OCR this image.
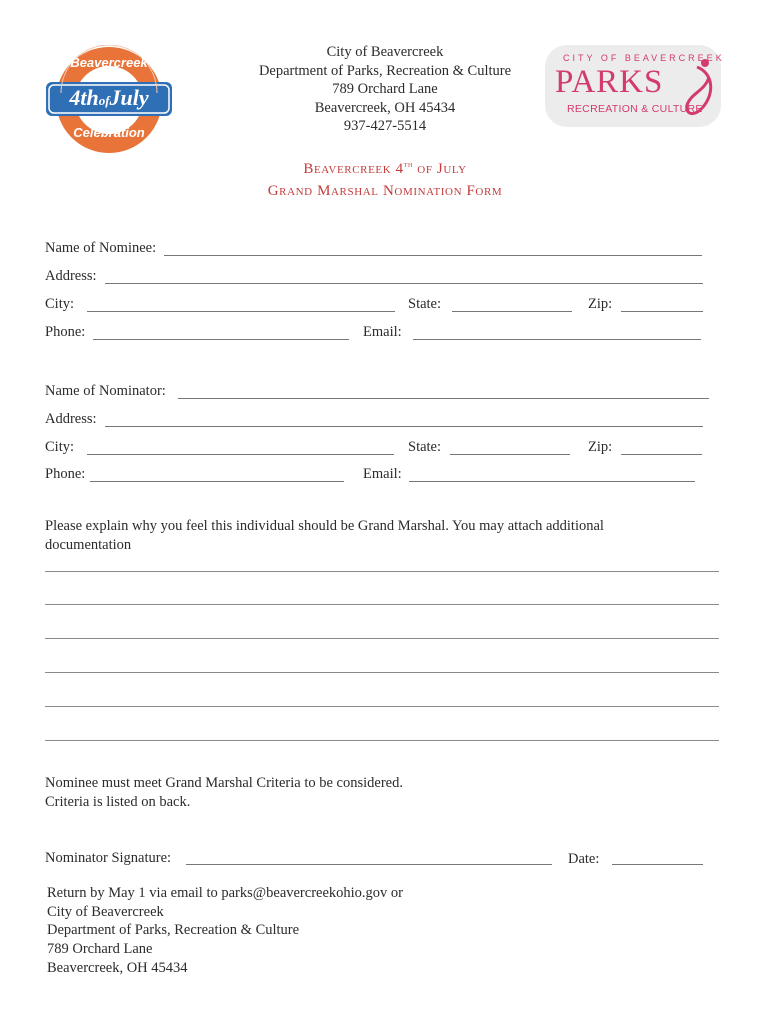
Beavercreek
4thofJuly
Celebration
City of Beavercreek
Department of Parks, Recreation & Culture
789 Orchard Lane
Beavercreek, OH 45434
937-427-5514
CITY OF BEAVERCREEK
PARKS
RECREATION & CULTURE
Beavercreek 4th of July
Grand Marshal Nomination Form
Name of Nominee:
Address:
City:	State:	Zip:
Phone:	Email:
Name of Nominator:
Address:
City:	State:	Zip:
Phone:	Email:
Please explain why you feel this individual should be Grand Marshal. You may attach additional
documentation
Nominee must meet Grand Marshal Criteria to be considered.
Criteria is listed on back.
Nominator Signature:	Date:
Return by May 1 via email to parks@beavercreekohio.gov or
City of Beavercreek
Department of Parks, Recreation & Culture
789 Orchard Lane
Beavercreek, OH 45434
